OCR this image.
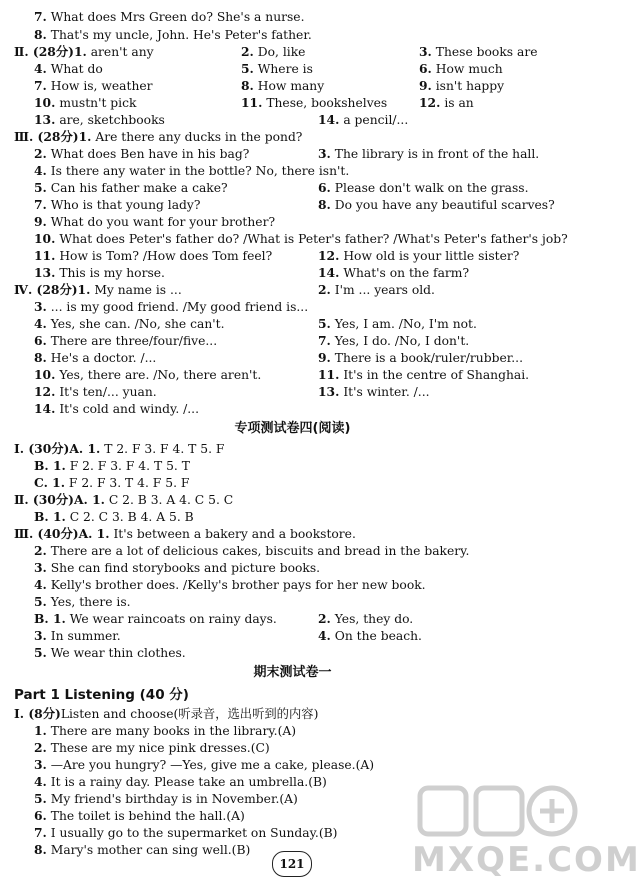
7. What does Mrs Green do? She's a nurse.
8. That's my uncle, John. He's Peter's father.
Ⅱ. (28分)1. aren't any	2. Do, like	3. These books are
4. What do	5. Where is	6. How much
7. How is, weather	8. How many	9. isn't happy
10. mustn't pick	11. These, bookshelves	12. is an
13. are, sketchbooks	14. a pencil/...
Ⅲ. (28分)1. Are there any ducks in the pond?
2. What does Ben have in his bag?	3. The library is in front of the hall.
4. Is there any water in the bottle? No, there isn't.
5. Can his father make a cake?	6. Please don't walk on the grass.
7. Who is that young lady?	8. Do you have any beautiful scarves?
9. What do you want for your brother?
10. What does Peter's father do? /What is Peter's father? /What's Peter's father's job?
11. How is Tom? /How does Tom feel?	12. How old is your little sister?
13. This is my horse.	14. What's on the farm?
Ⅳ. (28分)1. My name is ...	2. I'm ... years old.
3. ... is my good friend. /My good friend is...
4. Yes, she can. /No, she can't.	5. Yes, I am. /No, I'm not.
6. There are three/four/five...	7. Yes, I do. /No, I don't.
8. He's a doctor. /...	9. There is a book/ruler/rubber...
10. Yes, there are. /No, there aren't.	11. It's in the centre of Shanghai.
12. It's ten/... yuan.	13. It's winter. /...
14. It's cold and windy. /...
Ⅰ. (30分)A. 1. T 2. F 3. F 4. T 5. F
B. 1. F 2. F 3. F 4. T 5. T
C. 1. F 2. F 3. T 4. F 5. F
Ⅱ. (30分)A. 1. C 2. B 3. A 4. C 5. C
B. 1. C 2. C 3. B 4. A 5. B
Ⅲ. (40分)A. 1. It's between a bakery and a bookstore.
2. There are a lot of delicious cakes, biscuits and bread in the bakery.
3. She can find storybooks and picture books.
4. Kelly's brother does. /Kelly's brother pays for her new book.
5. Yes, there is.
B. 1. We wear raincoats on rainy days.	2. Yes, they do.
3. In summer.	4. On the beach.
5. We wear thin clothes.
Ⅰ. (8分)Listen and choose(听录音，选出听到的内容)
1. There are many books in the library.(A)
2. These are my nice pink dresses.(C)
3. —Are you hungry? —Yes, give me a cake, please.(A)
4. It is a rainy day. Please take an umbrella.(B)
5. My friend's birthday is in November.(A)
6. The toilet is behind the hall.(A)
7. I usually go to the supermarket on Sunday.(B)
8. Mary's mother can sing well.(B)
专项测试卷四(阅读)
期末测试卷一
Part 1 Listening (40 分)
121	MXQE.COM
